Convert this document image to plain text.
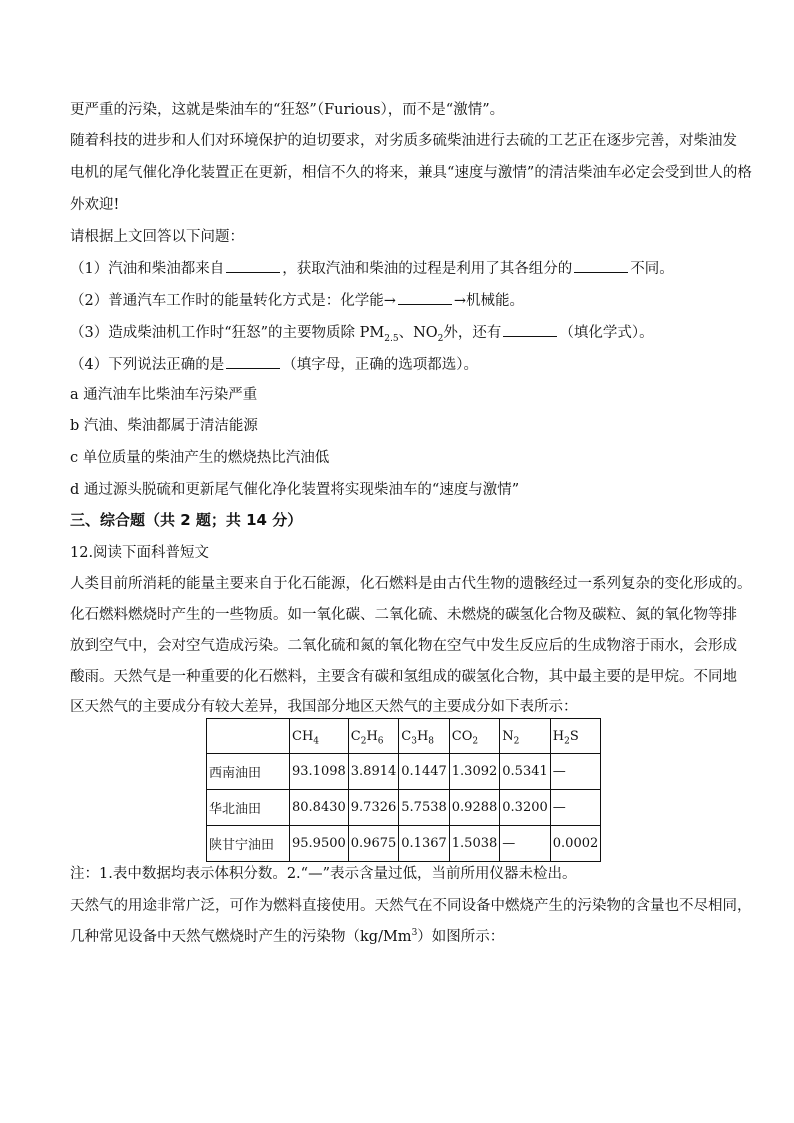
更严重的污染，这就是柴油车的“狂怒”（Furious），而不是“激情”。
随着科技的进步和人们对环境保护的迫切要求，对劣质多硫柴油进行去硫的工艺正在逐步完善，对柴油发
电机的尾气催化净化装置正在更新，相信不久的将来，兼具“速度与激情”的清洁柴油车必定会受到世人的格
外欢迎!
请根据上文回答以下问题：
（1）汽油和柴油都来自	，获取汽油和柴油的过程是利用了其各组分的	不同。
（2）普通汽车工作时的能量转化方式是：化学能→	→机械能。
（3）造成柴油机工作时“狂怒”的主要物质除 $PM_{2.5}$、$NO_2$外，还有	（填化学式）。
（4）下列说法正确的是	（填字母，正确的选项都选）。
a 通汽油车比柴油车污染严重
b 汽油、柴油都属于清洁能源
c 单位质量的柴油产生的燃烧热比汽油低
d 通过源头脱硫和更新尾气催化净化装置将实现柴油车的“速度与激情”
三、综合题（共 2 题；共 14 分）
12.阅读下面科普短文
人类目前所消耗的能量主要来自于化石能源，化石燃料是由古代生物的遗骸经过一系列复杂的变化形成的。
化石燃料燃烧时产生的一些物质。如一氧化碳、二氧化硫、未燃烧的碳氢化合物及碳粒、氮的氧化物等排
放到空气中，会对空气造成污染。二氧化硫和氮的氧化物在空气中发生反应后的生成物溶于雨水，会形成
酸雨。天然气是一种重要的化石燃料，主要含有碳和氢组成的碳氢化合物，其中最主要的是甲烷。不同地
区天然气的主要成分有较大差异，我国部分地区天然气的主要成分如下表所示：
	$CH_4$	$C_2H_6$	$C_3H_8$	$CO_2$	$N_2$	$H_2S$
西南油田	93.1098	3.8914	0.1447	1.3092	0.5341	—
华北油田	80.8430	9.7326	5.7538	0.9288	0.3200	—
陕甘宁油田	95.9500	0.9675	0.1367	1.5038	—	0.0002
注：1.表中数据均表示体积分数。2.“—”表示含量过低，当前所用仪器未检出。
天然气的用途非常广泛，可作为燃料直接使用。天然气在不同设备中燃烧产生的污染物的含量也不尽相同，
几种常见设备中天然气燃烧时产生的污染物（kg/Mm$^3$）如图所示：
